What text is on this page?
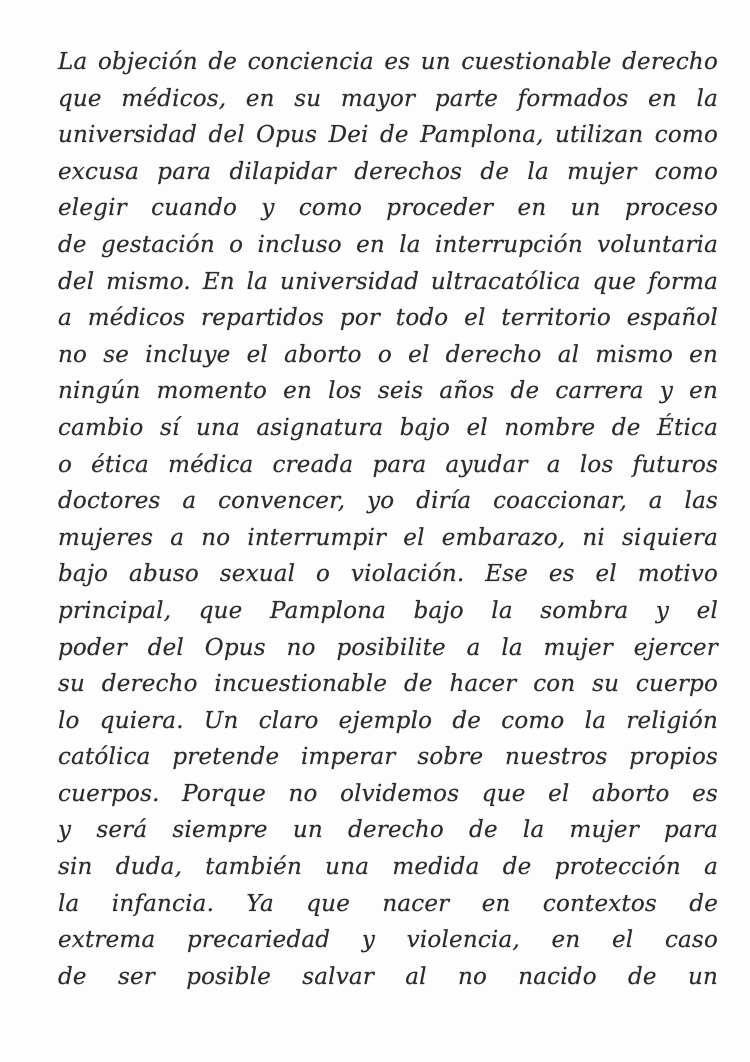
La objeción de conciencia es un cuestionable derecho
que médicos, en su mayor parte formados en la
universidad del Opus Dei de Pamplona, utilizan como
excusa para dilapidar derechos de la mujer como
elegir cuando y como proceder en un proceso
de gestación o incluso en la interrupción voluntaria
del mismo. En la universidad ultracatólica que forma
a médicos repartidos por todo el territorio español
no se incluye el aborto o el derecho al mismo en
ningún momento en los seis años de carrera y en
cambio sí una asignatura bajo el nombre de Ética
o ética médica creada para ayudar a los futuros
doctores a convencer, yo diría coaccionar, a las
mujeres a no interrumpir el embarazo, ni siquiera
bajo abuso sexual o violación. Ese es el motivo
principal, que Pamplona bajo la sombra y el
poder del Opus no posibilite a la mujer ejercer
su derecho incuestionable de hacer con su cuerpo
lo quiera. Un claro ejemplo de como la religión
católica pretende imperar sobre nuestros propios
cuerpos. Porque no olvidemos que el aborto es
y será siempre un derecho de la mujer para
sin duda, también una medida de protección a
la infancia. Ya que nacer en contextos de
extrema precariedad y violencia, en el caso
de ser posible salvar al no nacido de un
